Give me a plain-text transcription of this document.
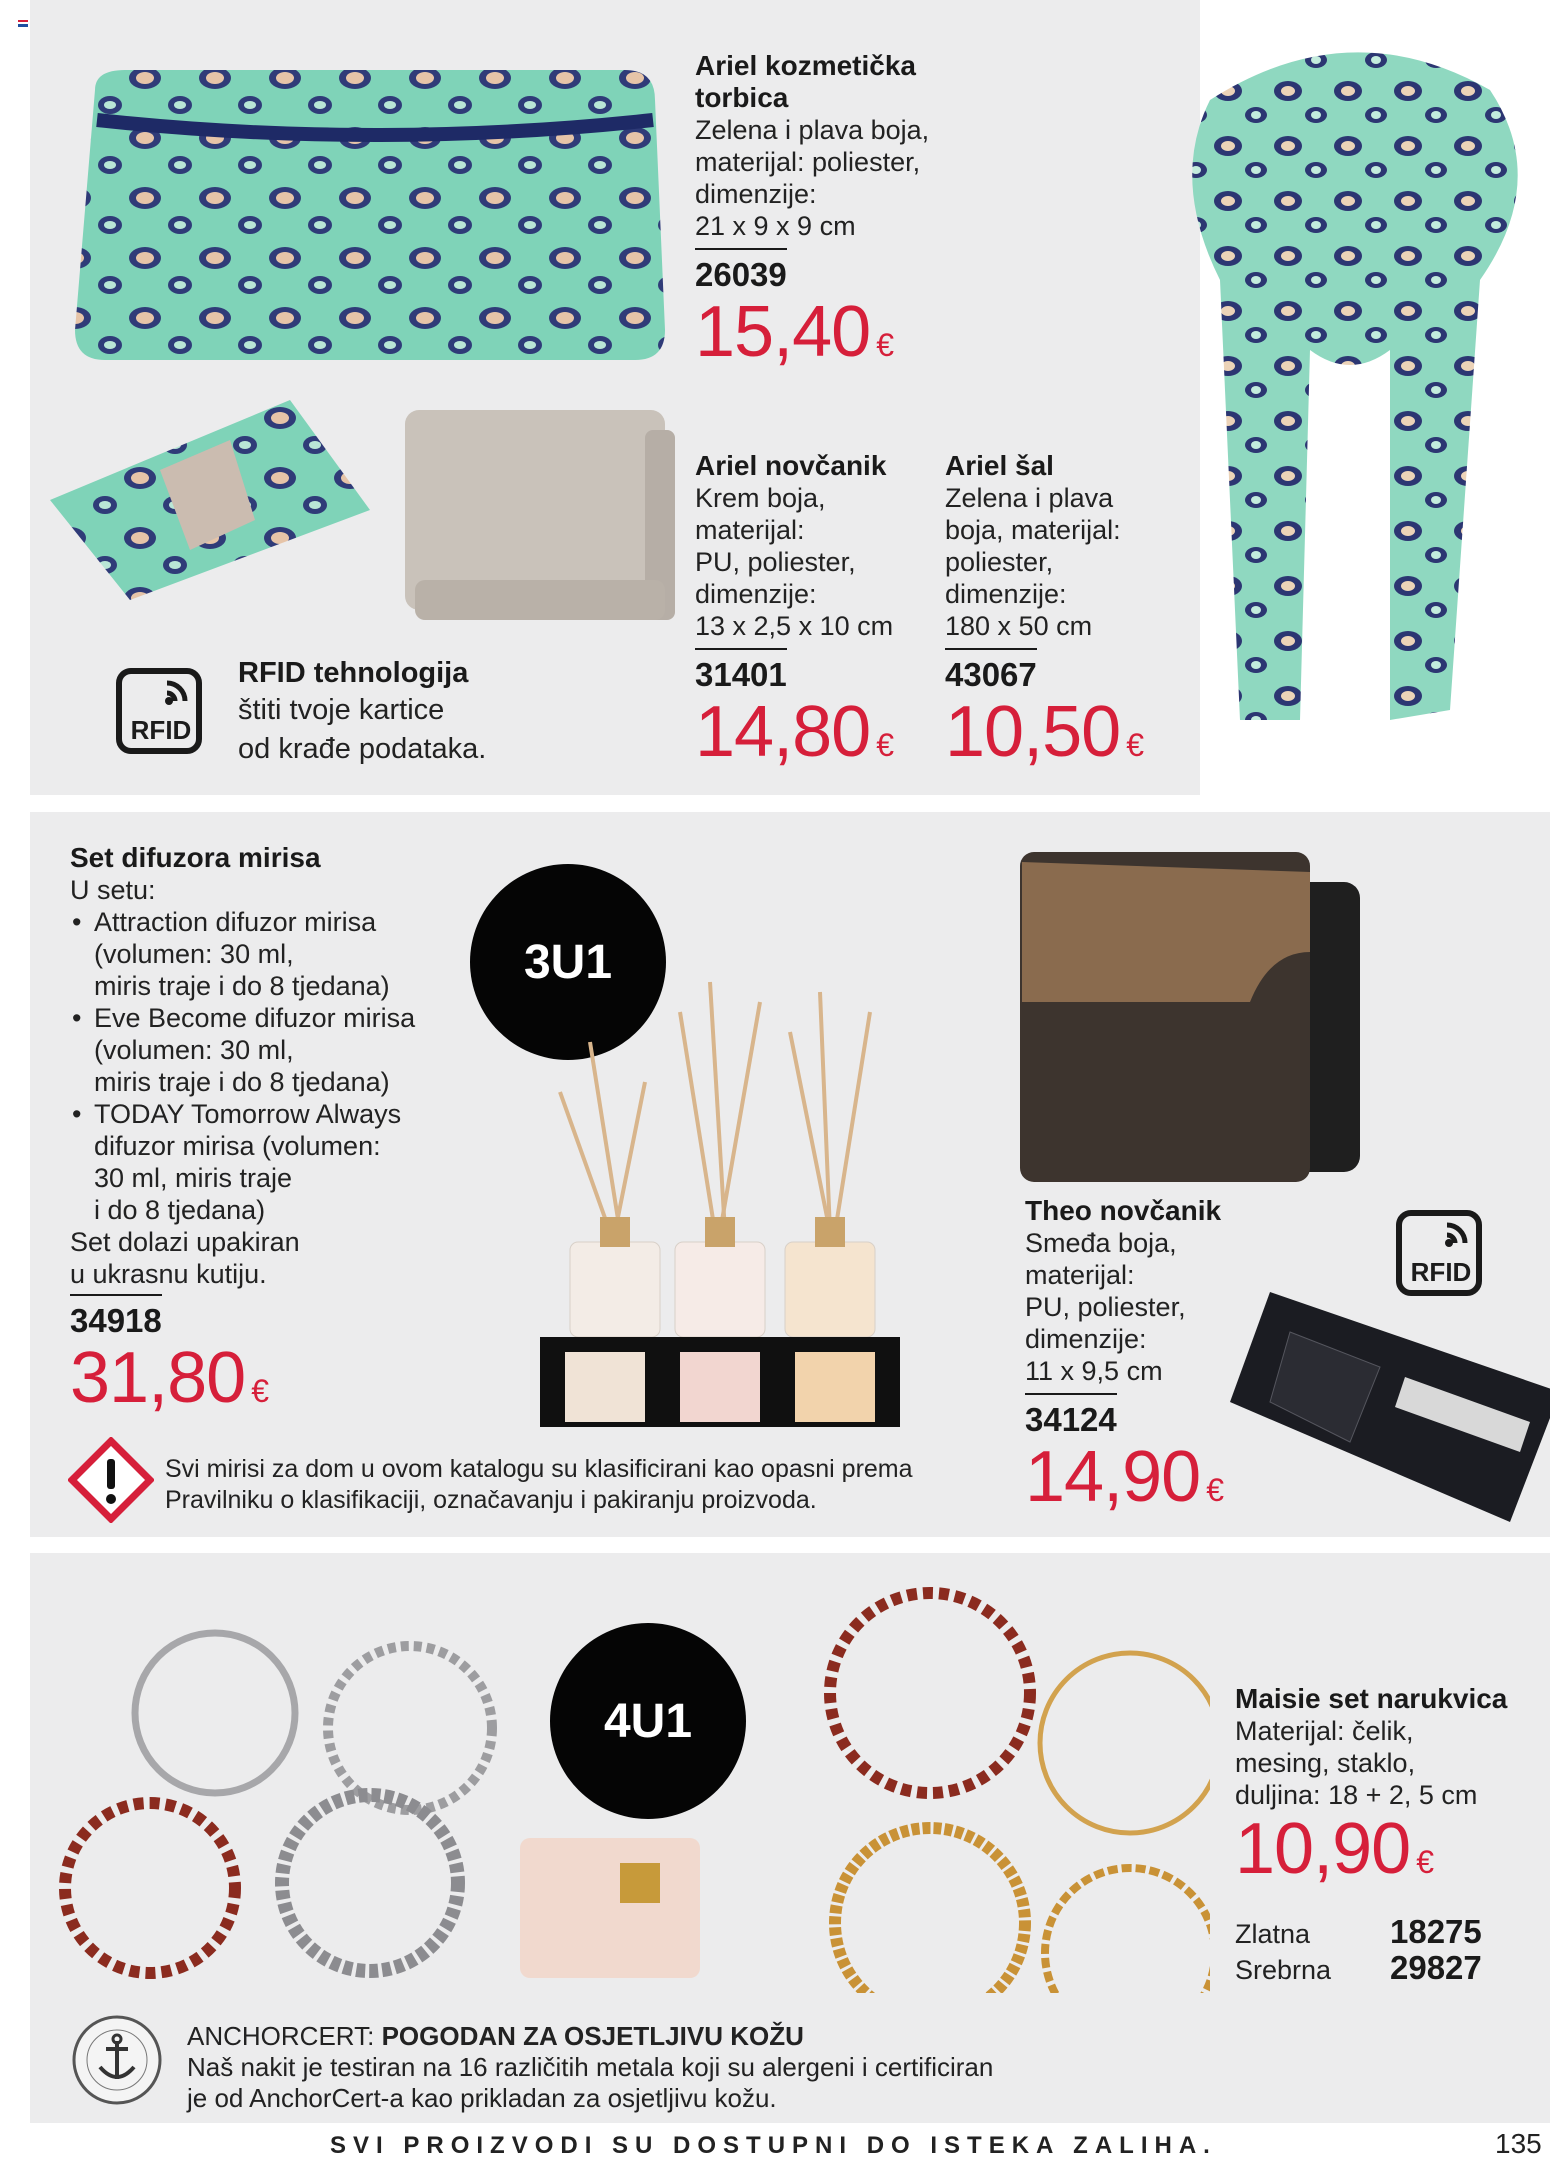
RFID
RFID tehnologija
štiti tvoje kartice
od krađe podataka.
Ariel kozmetička torbica
Zelena i plava boja,
materijal: poliester,
dimenzije:
21 x 9 x 9 cm
26039
15,40 €
Ariel novčanik
Krem boja,
materijal:
PU, poliester,
dimenzije:
13 x 2,5 x 10 cm
31401
14,80 €
Ariel šal
Zelena i plava
boja, materijal:
poliester,
dimenzije:
180 x 50 cm
43067
10,50 €
Set difuzora mirisa
U setu:
• Attraction difuzor mirisa
(volumen: 30 ml,
miris traje i do 8 tjedana)
• Eve Become difuzor mirisa
(volumen: 30 ml,
miris traje i do 8 tjedana)
• TODAY Tomorrow Always
difuzor mirisa (volumen:
30 ml, miris traje
i do 8 tjedana)
Set dolazi upakiran
u ukrasnu kutiju.
34918
31,80 €
3U1
Svi mirisi za dom u ovom katalogu su klasificirani kao opasni prema
Pravilniku o klasifikaciji, označavanju i pakiranju proizvoda.
RFID
Theo novčanik
Smeđa boja,
materijal:
PU, poliester,
dimenzije:
11 x 9,5 cm
34124
14,90 €
4U1	Maisie set narukvica
Materijal: čelik,
mesing, staklo,
duljina: 18 + 2, 5 cm
10,90 €
Zlatna	18275
Srebrna	29827
ANCHORCERT: POGODAN ZA OSJETLJIVU KOŽU
Naš nakit je testiran na 16 različitih metala koji su alergeni i certificiran
je od AnchorCert-a kao prikladan za osjetljivu kožu.
SVI PROIZVODI SU DOSTUPNI DO ISTEKA ZALIHA.	135
